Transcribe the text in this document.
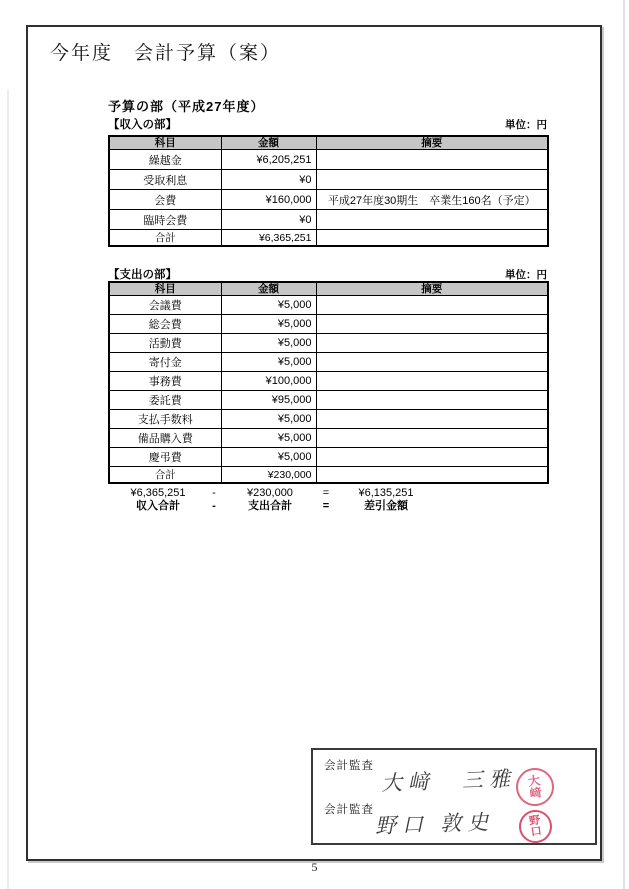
今年度　会計予算（案）
予算の部（平成27年度）
【収入の部】	単位：円
科目	金額	摘要
繰越金	¥6,205,251	
受取利息	¥0	
会費	¥160,000	平成27年度30期生　卒業生160名（予定）
臨時会費	¥0	
合計	¥6,365,251	
【支出の部】	単位：円
科目	金額	摘要
会議費	¥5,000	
総会費	¥5,000	
活動費	¥5,000	
寄付金	¥5,000	
事務費	¥100,000	
委託費	¥95,000	
支払手数料	¥5,000	
備品購入費	¥5,000	
慶弔費	¥5,000	
合計	¥230,000	
¥6,365,251	-	¥230,000	=	¥6,135,251
収入合計	-	支出合計	=	差引金額
会計監査
大﨑　三雅 大
﨑
会計監査 野口 敦史	野
口
5
